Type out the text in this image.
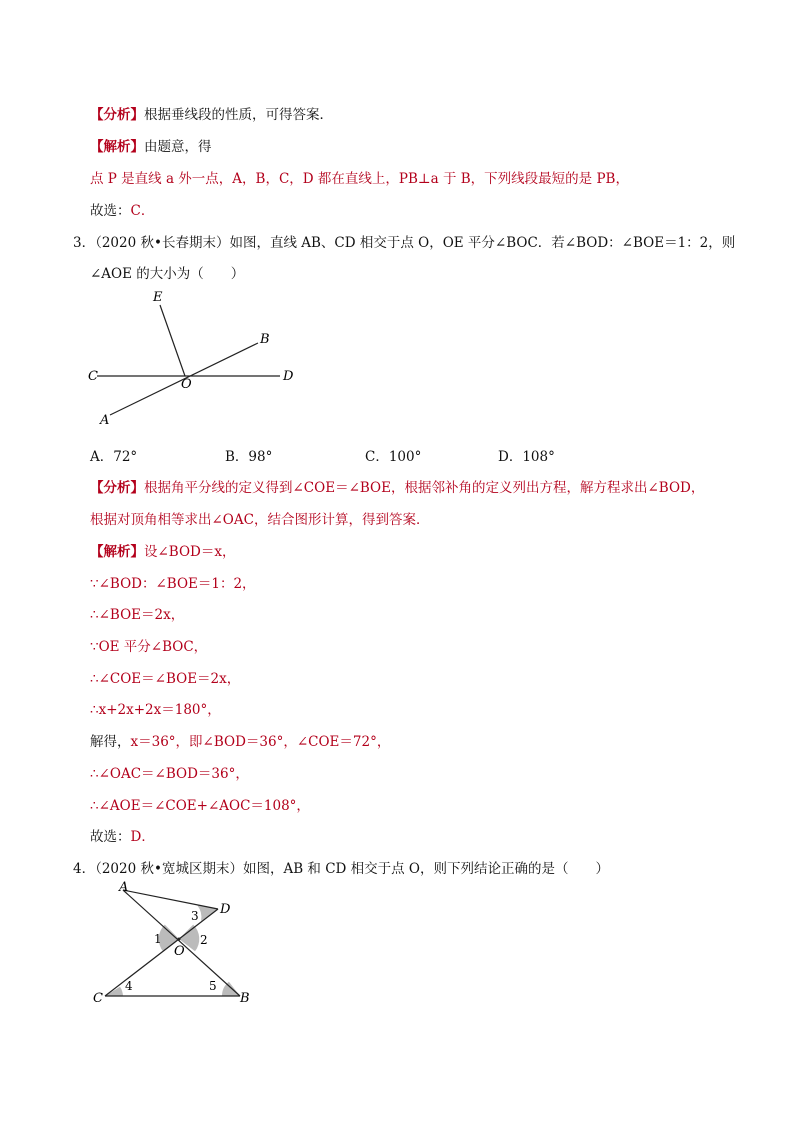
【分析】根据垂线段的性质，可得答案．
【解析】由题意，得
点 P 是直线 a 外一点，A，B，C，D 都在直线上，PB⊥a 于 B，下列线段最短的是 PB，
故选：C．
3．（2020 秋•长春期末）如图，直线 AB、CD 相交于点 O，OE 平分∠BOC．若∠BOD：∠BOE＝1：2，则
∠AOE 的大小为（　　）
E
B
C
O
D
A
A．72°	B．98°	C．100°	D．108°
【分析】根据角平分线的定义得到∠COE＝∠BOE，根据邻补角的定义列出方程，解方程求出∠BOD，
根据对顶角相等求出∠OAC，结合图形计算，得到答案．
【解析】设∠BOD＝x，
∵∠BOD：∠BOE＝1：2，
∴∠BOE＝2x，
∵OE 平分∠BOC，
∴∠COE＝∠BOE＝2x，
∴x+2x+2x＝180°，
解得，x＝36°，即∠BOD＝36°，∠COE＝72°，
∴∠OAC＝∠BOD＝36°，
∴∠AOE＝∠COE+∠AOC＝108°，
故选：D．
4．（2020 秋•宽城区期末）如图，AB 和 CD 相交于点 O，则下列结论正确的是（　　）
A
D
O
C	B
1	2
3
4	5
